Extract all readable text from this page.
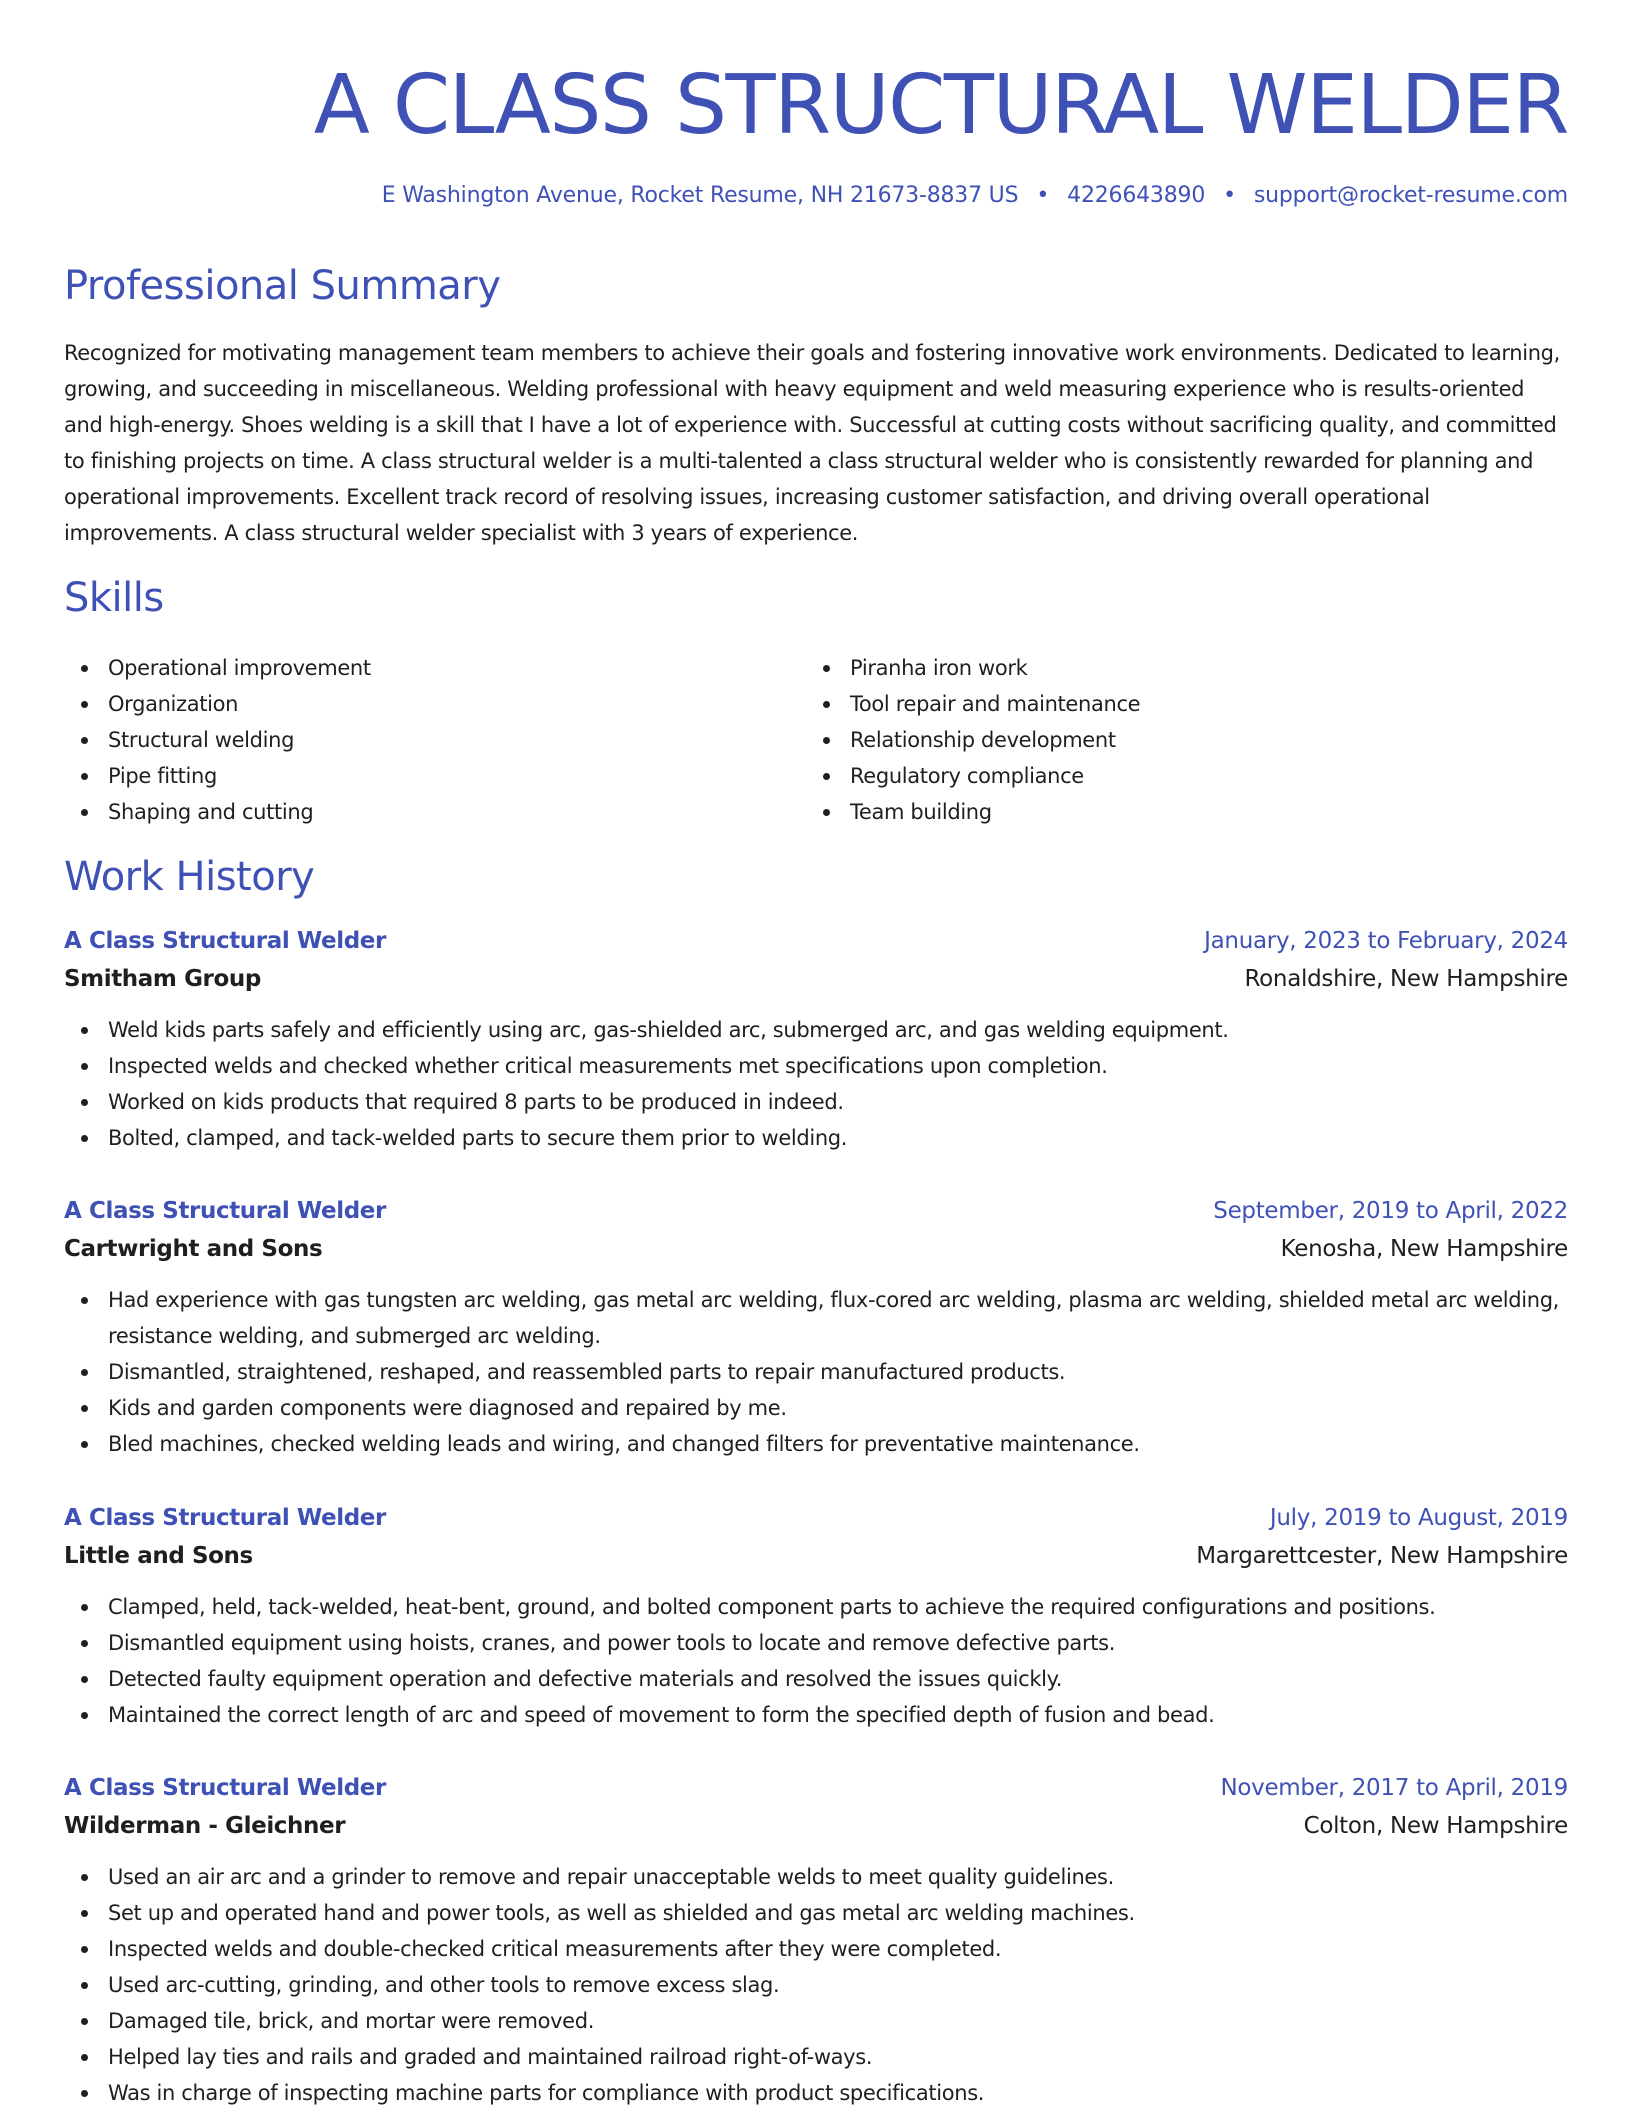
A CLASS STRUCTURAL WELDER
E Washington Avenue, Rocket Resume, NH 21673-8837 US • 4226643890 • support@rocket-resume.com
Professional Summary

Recognized for motivating management team members to achieve their goals and fostering innovative work environments. Dedicated to learning, growing, and succeeding in miscellaneous. Welding professional with heavy equipment and weld measuring experience who is results-oriented and high-energy. Shoes welding is a skill that I have a lot of experience with. Successful at cutting costs without sacrificing quality, and committed to finishing projects on time. A class structural welder is a multi-talented a class structural welder who is consistently rewarded for planning and operational improvements. Excellent track record of resolving issues, increasing customer satisfaction, and driving overall operational improvements. A class structural welder specialist with 3 years of experience.

Skills
Operational improvement
Organization
Structural welding
Pipe fitting
Shaping and cutting
Piranha iron work
Tool repair and maintenance
Relationship development
Regulatory compliance
Team building
Work History
A Class Structural Welder	January, 2023 to February, 2024
Smitham Group	Ronaldshire, New Hampshire
Weld kids parts safely and efficiently using arc, gas-shielded arc, submerged arc, and gas welding equipment.
Inspected welds and checked whether critical measurements met specifications upon completion.
Worked on kids products that required 8 parts to be produced in indeed.
Bolted, clamped, and tack-welded parts to secure them prior to welding.
A Class Structural Welder	September, 2019 to April, 2022
Cartwright and Sons	Kenosha, New Hampshire
Had experience with gas tungsten arc welding, gas metal arc welding, flux-cored arc welding, plasma arc welding, shielded metal arc welding, resistance welding, and submerged arc welding.
Dismantled, straightened, reshaped, and reassembled parts to repair manufactured products.
Kids and garden components were diagnosed and repaired by me.
Bled machines, checked welding leads and wiring, and changed filters for preventative maintenance.
A Class Structural Welder	July, 2019 to August, 2019
Little and Sons	Margarettcester, New Hampshire
Clamped, held, tack-welded, heat-bent, ground, and bolted component parts to achieve the required configurations and positions.
Dismantled equipment using hoists, cranes, and power tools to locate and remove defective parts.
Detected faulty equipment operation and defective materials and resolved the issues quickly.
Maintained the correct length of arc and speed of movement to form the specified depth of fusion and bead.
A Class Structural Welder	November, 2017 to April, 2019
Wilderman - Gleichner	Colton, New Hampshire
Used an air arc and a grinder to remove and repair unacceptable welds to meet quality guidelines.
Set up and operated hand and power tools, as well as shielded and gas metal arc welding machines.
Inspected welds and double-checked critical measurements after they were completed.
Used arc-cutting, grinding, and other tools to remove excess slag.
Damaged tile, brick, and mortar were removed.
Helped lay ties and rails and graded and maintained railroad right-of-ways.
Was in charge of inspecting machine parts for compliance with product specifications.
